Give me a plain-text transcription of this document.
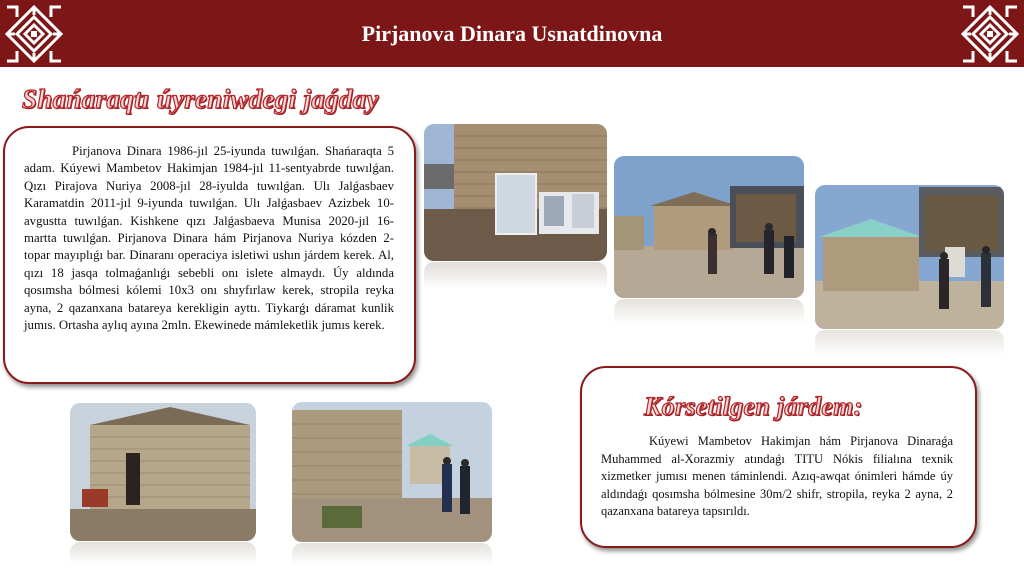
Pirjanova Dinara Usnatdinovna
Shańaraqtı úyreniwdegi jaǵday

Pirjanova Dinara 1986-jıl 25-iyunda tuwılǵan. Shańaraqta 5 adam. Kúyewi Mambetov Hakimjan 1984-jıl 11-sentyabrde tuwılǵan. Qızı Pirajova Nuriya 2008-jıl 28-iyulda tuwılǵan. Ulı Jalǵasbaev Karamatdin 2011-jıl 9-iyunda tuwılǵan. Ulı Jalǵasbaev Azizbek 10-avgustta tuwılǵan. Kishkene qızı Jalǵasbaeva Munisa 2020-jıl 16-martta tuwılǵan. Pirjanova Dinara hám Pirjanova Nuriya kózden 2-topar mayıplıǵı bar. Dinaranı operaciya isletiwi ushın járdem kerek. Al, qızı 18 jasqa tolmaǵanlıǵı sebebli onı islete almaydı. Úy aldında qosımsha bólmesi kólemi 10x3 onı shıyfırlaw kerek, stropila reyka ayna, 2 qazanxana batareya kerekligin ayttı. Tiykarǵı dáramat kunlik jumıs. Ortasha aylıq ayına 2mln. Ekewinede mámleketlik jumıs kerek.

Kórsetilgen járdem:

Kúyewi Mambetov Hakimjan hám Pirjanova Dinaraǵa Muhammed al-Xorazmiy atındaǵı TITU Nókis filialına texnik xizmetker jumısı menen táminlendi. Azıq-awqat ónimleri hámde úy aldındaǵı qosımsha bólmesine 30m/2 shifr, stropila, reyka 2 ayna, 2 qazanxana batareya tapsırıldı.
